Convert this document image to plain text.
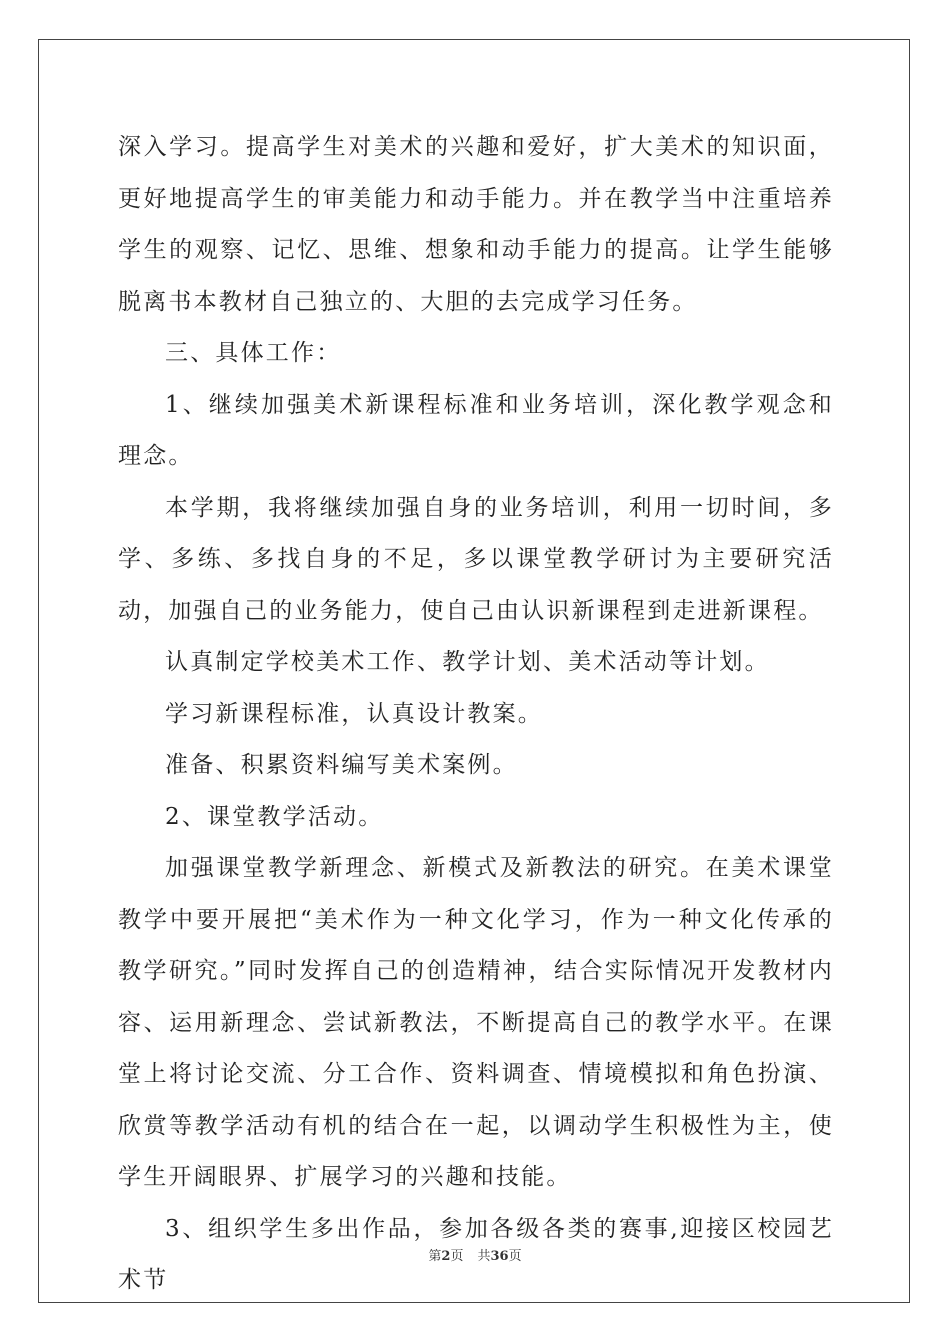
深入学习。提高学生对美术的兴趣和爱好，扩大美术的知识面，更好地提高学生的审美能力和动手能力。并在教学当中注重培养学生的观察、记忆、思维、想象和动手能力的提高。让学生能够脱离书本教材自己独立的、大胆的去完成学习任务。

三、具体工作：

1、继续加强美术新课程标准和业务培训，深化教学观念和理念。

本学期，我将继续加强自身的业务培训，利用一切时间，多学、多练、多找自身的不足，多以课堂教学研讨为主要研究活动，加强自己的业务能力，使自己由认识新课程到走进新课程。

认真制定学校美术工作、教学计划、美术活动等计划。

学习新课程标准，认真设计教案。

准备、积累资料编写美术案例。

2、课堂教学活动。

加强课堂教学新理念、新模式及新教法的研究。在美术课堂教学中要开展把“美术作为一种文化学习，作为一种文化传承的教学研究。”同时发挥自己的创造精神，结合实际情况开发教材内容、运用新理念、尝试新教法，不断提高自己的教学水平。在课堂上将讨论交流、分工合作、资料调查、情境模拟和角色扮演、欣赏等教学活动有机的结合在一起，以调动学生积极性为主，使学生开阔眼界、扩展学习的兴趣和技能。

3、组织学生多出作品，参加各级各类的赛事,迎接区校园艺术节

第2页 共36页
